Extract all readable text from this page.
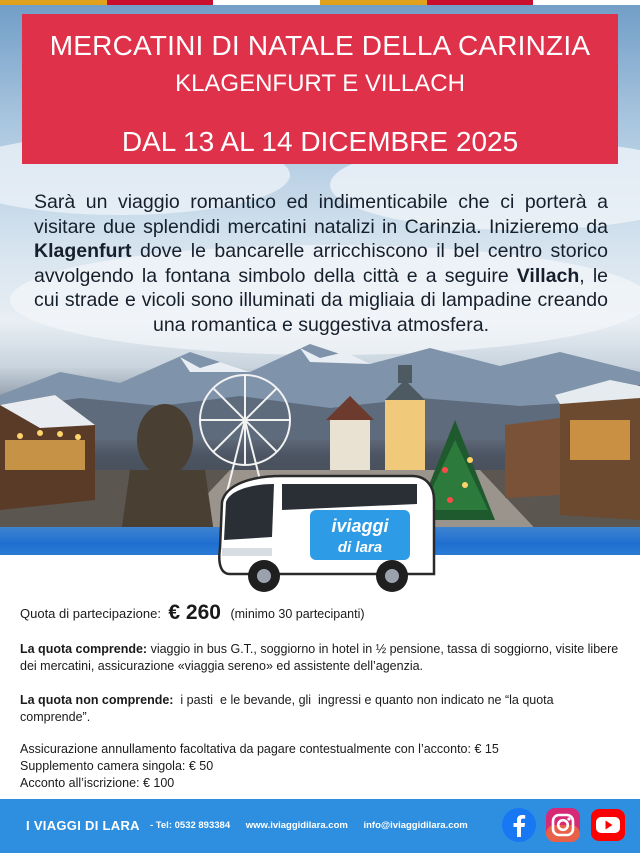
MERCATINI DI NATALE DELLA CARINZIA
KLAGENFURT E VILLACH
DAL 13 AL 14 DICEMBRE 2025

Sarà un viaggio romantico ed indimenticabile che ci porterà a visitare due splendidi mercatini natalizi in Carinzia. Inizieremo da Klagenfurt dove le bancarelle arricchiscono il bel centro storico avvolgendo la fontana simbolo della città e a seguire Villach, le cui strade e vicoli sono illuminati da migliaia di lampadine creando una romantica e suggestiva atmosfera.

iviaggi
di lara
Quota di partecipazione: € 260 (minimo 30 partecipanti)
La quota comprende: viaggio in bus G.T., soggiorno in hotel in ½ pensione, tassa di soggiorno, visite libere dei mercatini, assicurazione «viaggia sereno» ed assistente dell’agenzia.
La quota non comprende:  i pasti  e le bevande, gli  ingressi e quanto non indicato ne “la quota comprende”.
Assicurazione annullamento facoltativa da pagare contestualmente con l’acconto: € 15
Supplemento camera singola: € 50
Acconto all’iscrizione: € 100
I VIAGGI DI LARA - Tel: 0532 893384 www.iviaggidilara.com info@iviaggidilara.com
